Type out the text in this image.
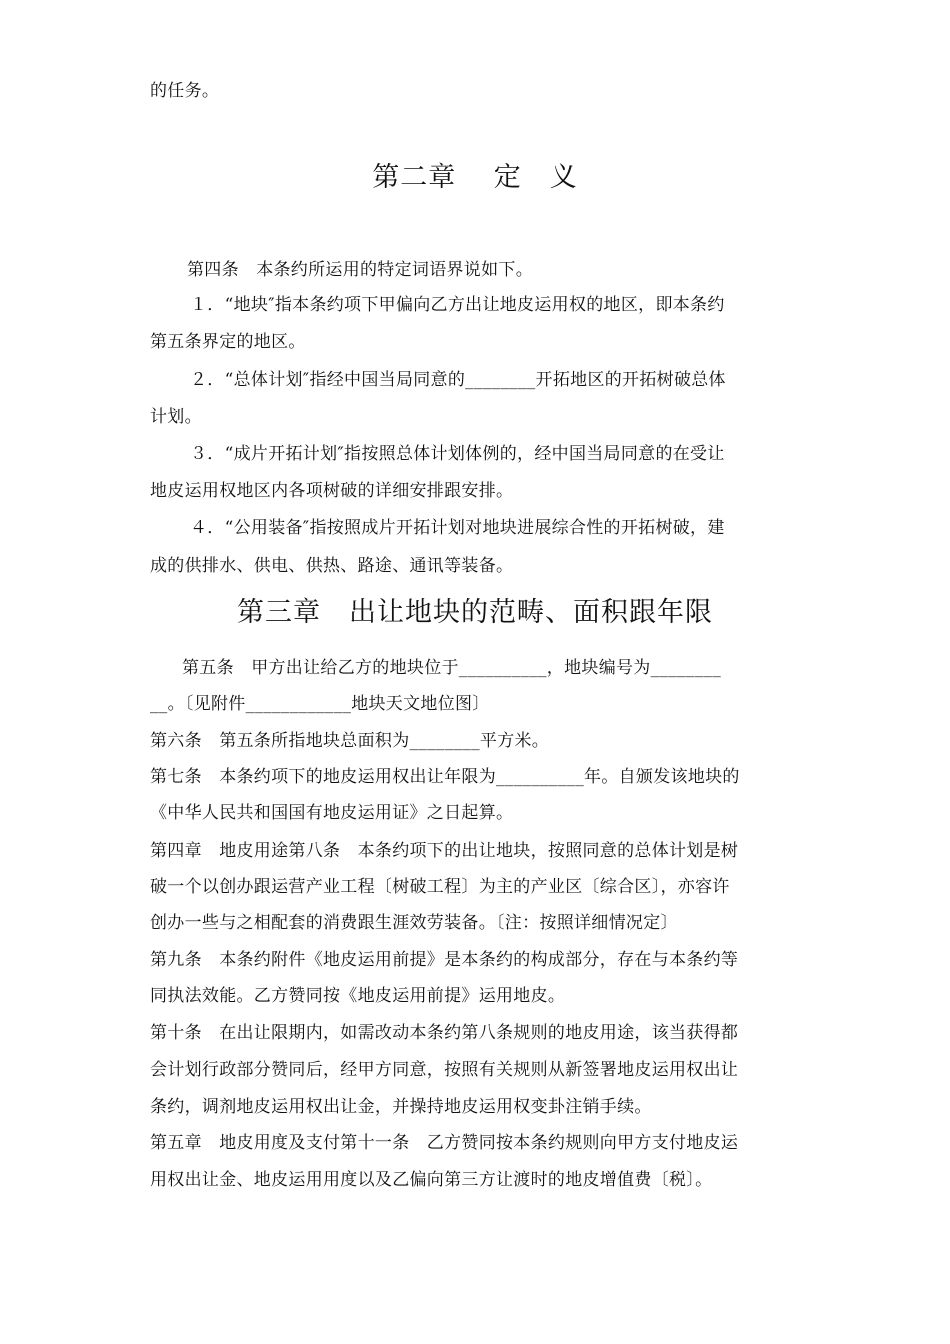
的任务。
第二章　 定　义
第四条　本条约所运用的特定词语界说如下。
１．“地块″指本条约项下甲偏向乙方出让地皮运用权的地区，即本条约
第五条界定的地区。
２．“总体计划″指经中国当局同意的________开拓地区的开拓树破总体
计划。
３．“成片开拓计划″指按照总体计划体例的，经中国当局同意的在受让
地皮运用权地区内各项树破的详细安排跟安排。
４．“公用装备″指按照成片开拓计划对地块进展综合性的开拓树破，建
成的供排水、供电、供热、路途、通讯等装备。
第三章　出让地块的范畴、面积跟年限
第五条　甲方出让给乙方的地块位于__________，地块编号为________
__。〔见附件____________地块天文地位图〕
第六条　第五条所指地块总面积为________平方米。
第七条　本条约项下的地皮运用权出让年限为__________年。自颁发该地块的
《中华人民共和国国有地皮运用证》之日起算。
第四章　地皮用途第八条　本条约项下的出让地块，按照同意的总体计划是树
破一个以创办跟运营产业工程〔树破工程〕为主的产业区〔综合区〕，亦容许
创办一些与之相配套的消费跟生涯效劳装备。〔注：按照详细情况定〕
第九条　本条约附件《地皮运用前提》是本条约的构成部分，存在与本条约等
同执法效能。乙方赞同按《地皮运用前提》运用地皮。
第十条　在出让限期内，如需改动本条约第八条规则的地皮用途，该当获得都
会计划行政部分赞同后，经甲方同意，按照有关规则从新签署地皮运用权出让
条约，调剂地皮运用权出让金，并操持地皮运用权变卦注销手续。
第五章　地皮用度及支付第十一条　乙方赞同按本条约规则向甲方支付地皮运
用权出让金、地皮运用用度以及乙偏向第三方让渡时的地皮增值费〔税〕。
